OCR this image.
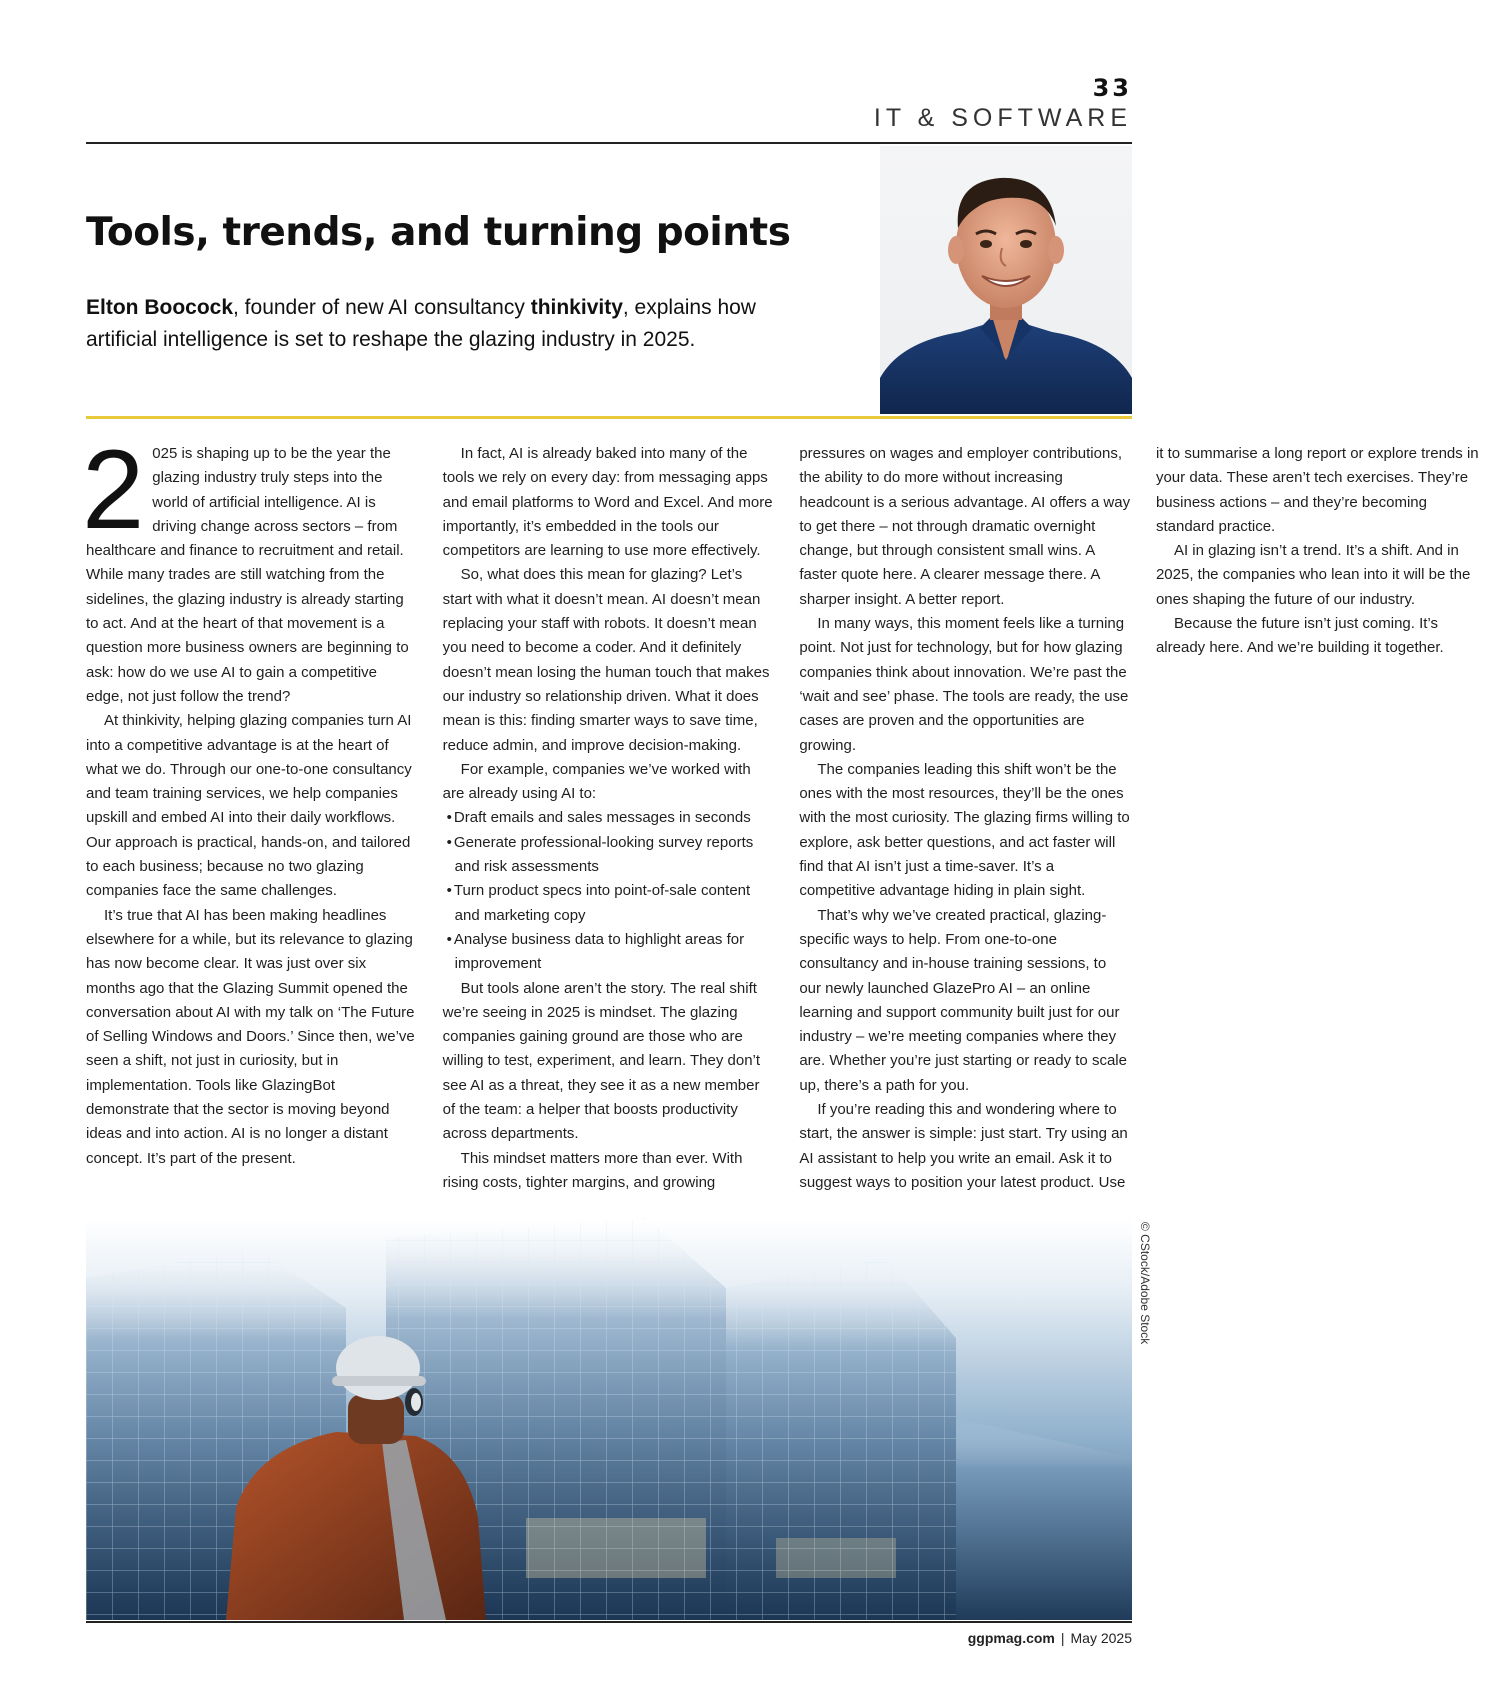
33
IT & SOFTWARE
Tools, trends, and turning points
Elton Boocock, founder of new AI consultancy thinkivity, explains how artificial intelligence is set to reshape the glazing industry in 2025.

2 025 is shaping up to be the year the glazing industry truly steps into the world of artificial intelligence. AI is driving change across sectors – from healthcare and finance to recruitment and retail. While many trades are still watching from the sidelines, the glazing industry is already starting to act. And at the heart of that movement is a question more business owners are beginning to ask: how do we use AI to gain a competitive edge, not just follow the trend?

At thinkivity, helping glazing companies turn AI into a competitive advantage is at the heart of what we do. Through our one-to-one consultancy and team training services, we help companies upskill and embed AI into their daily workflows. Our approach is practical, hands-on, and tailored to each business; because no two glazing companies face the same challenges.

It’s true that AI has been making headlines elsewhere for a while, but its relevance to glazing has now become clear. It was just over six months ago that the Glazing Summit opened the conversation about AI with my talk on ‘The Future of Selling Windows and Doors.’ Since then, we’ve seen a shift, not just in curiosity, but in implementation. Tools like GlazingBot demonstrate that the sector is moving beyond ideas and into action. AI is no longer a distant concept. It’s part of the present.

In fact, AI is already baked into many of the tools we rely on every day: from messaging apps and email platforms to Word and Excel. And more importantly, it’s embedded in the tools our competitors are learning to use more effectively.

So, what does this mean for glazing? Let’s start with what it doesn’t mean. AI doesn’t mean replacing your staff with robots. It doesn’t mean you need to become a coder. And it definitely doesn’t mean losing the human touch that makes our industry so relationship driven. What it does mean is this: finding smarter ways to save time, reduce admin, and improve decision-making.

For example, companies we’ve worked with are already using AI to:

• Draft emails and sales messages in seconds
• Generate professional-looking survey reports and risk assessments
• Turn product specs into point-of-sale content and marketing copy
• Analyse business data to highlight areas for improvement

But tools alone aren’t the story. The real shift we’re seeing in 2025 is mindset. The glazing companies gaining ground are those who are willing to test, experiment, and learn. They don’t see AI as a threat, they see it as a new member of the team: a helper that boosts productivity across departments.

This mindset matters more than ever. With rising costs, tighter margins, and growing pressures on wages and employer contributions, the ability to do more without increasing headcount is a serious advantage. AI offers a way to get there – not through dramatic overnight change, but through consistent small wins. A faster quote here. A clearer message there. A sharper insight. A better report.

In many ways, this moment feels like a turning point. Not just for technology, but for how glazing companies think about innovation. We’re past the ‘wait and see’ phase. The tools are ready, the use cases are proven and the opportunities are growing.

The companies leading this shift won’t be the ones with the most resources, they’ll be the ones with the most curiosity. The glazing firms willing to explore, ask better questions, and act faster will find that AI isn’t just a time-saver. It’s a competitive advantage hiding in plain sight.

That’s why we’ve created practical, glazing-specific ways to help. From one-to-one consultancy and in-house training sessions, to our newly launched GlazePro AI – an online learning and support community built just for our industry – we’re meeting companies where they are. Whether you’re just starting or ready to scale up, there’s a path for you.

If you’re reading this and wondering where to start, the answer is simple: just start. Try using an AI assistant to help you write an email. Ask it to suggest ways to position your latest product. Use it to summarise a long report or explore trends in your data. These aren’t tech exercises. They’re business actions – and they’re becoming standard practice.

AI in glazing isn’t a trend. It’s a shift. And in 2025, the companies who lean into it will be the ones shaping the future of our industry.

Because the future isn’t just coming. It’s already here. And we’re building it together.

© CStock/Adobe Stock
ggpmag.com | May 2025
